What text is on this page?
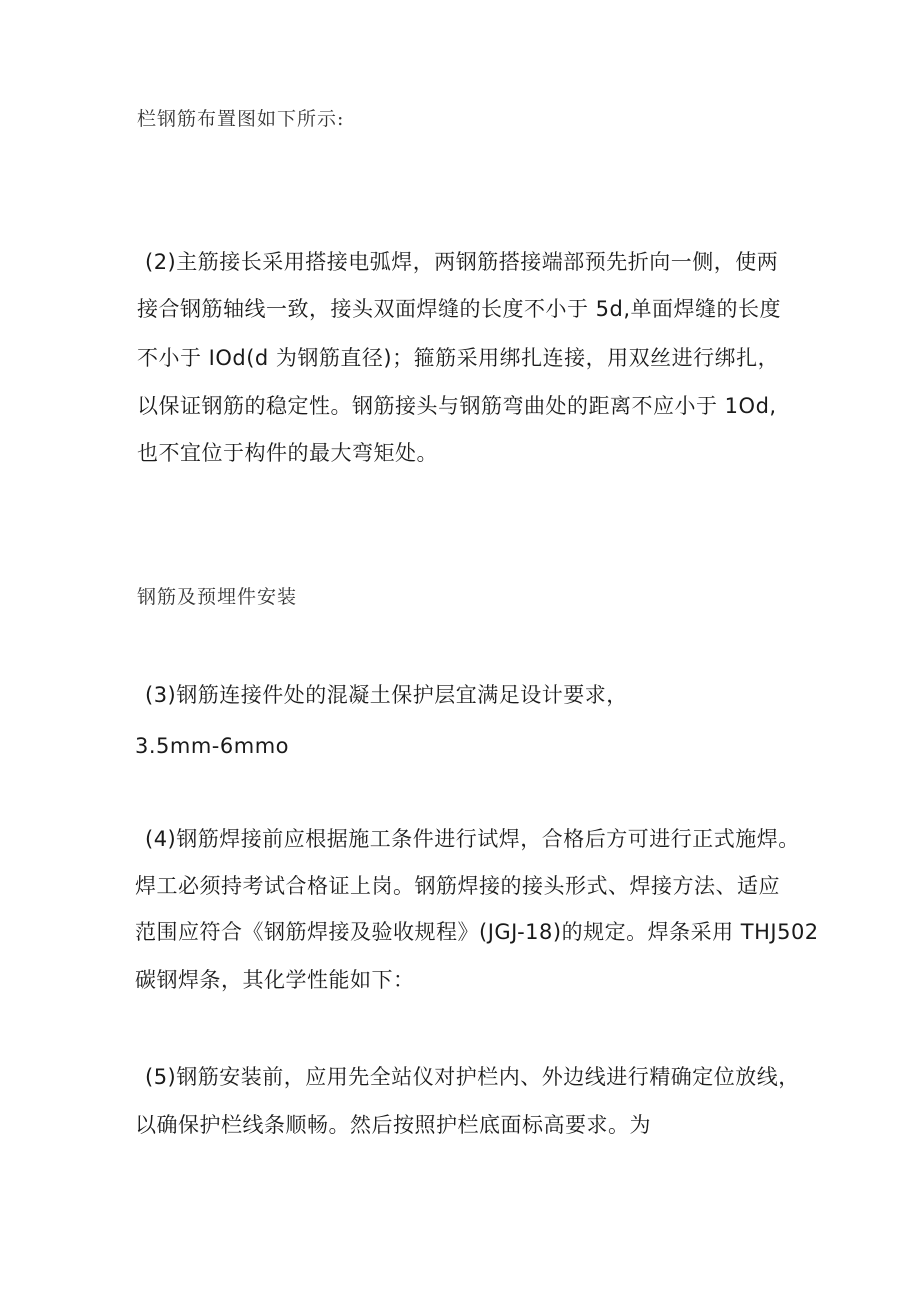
栏钢筋布置图如下所示:
(2)主筋接长采用搭接电弧焊，两钢筋搭接端部预先折向一侧，使两
接合钢筋轴线一致，接头双面焊缝的长度不小于 5d,单面焊缝的长度
不小于 IOd(d 为钢筋直径)；箍筋采用绑扎连接，用双丝进行绑扎，
以保证钢筋的稳定性。钢筋接头与钢筋弯曲处的距离不应小于 1Od,
也不宜位于构件的最大弯矩处。
钢筋及预埋件安装
(3)钢筋连接件处的混凝土保护层宜满足设计要求，
3.5mm-6mmo
(4)钢筋焊接前应根据施工条件进行试焊，合格后方可进行正式施焊。
焊工必须持考试合格证上岗。钢筋焊接的接头形式、焊接方法、适应
范围应符合《钢筋焊接及验收规程》(JGJ-18)的规定。焊条采用 THJ502
碳钢焊条，其化学性能如下：
(5)钢筋安装前，应用先全站仪对护栏内、外边线进行精确定位放线，
以确保护栏线条顺畅。然后按照护栏底面标高要求。为
